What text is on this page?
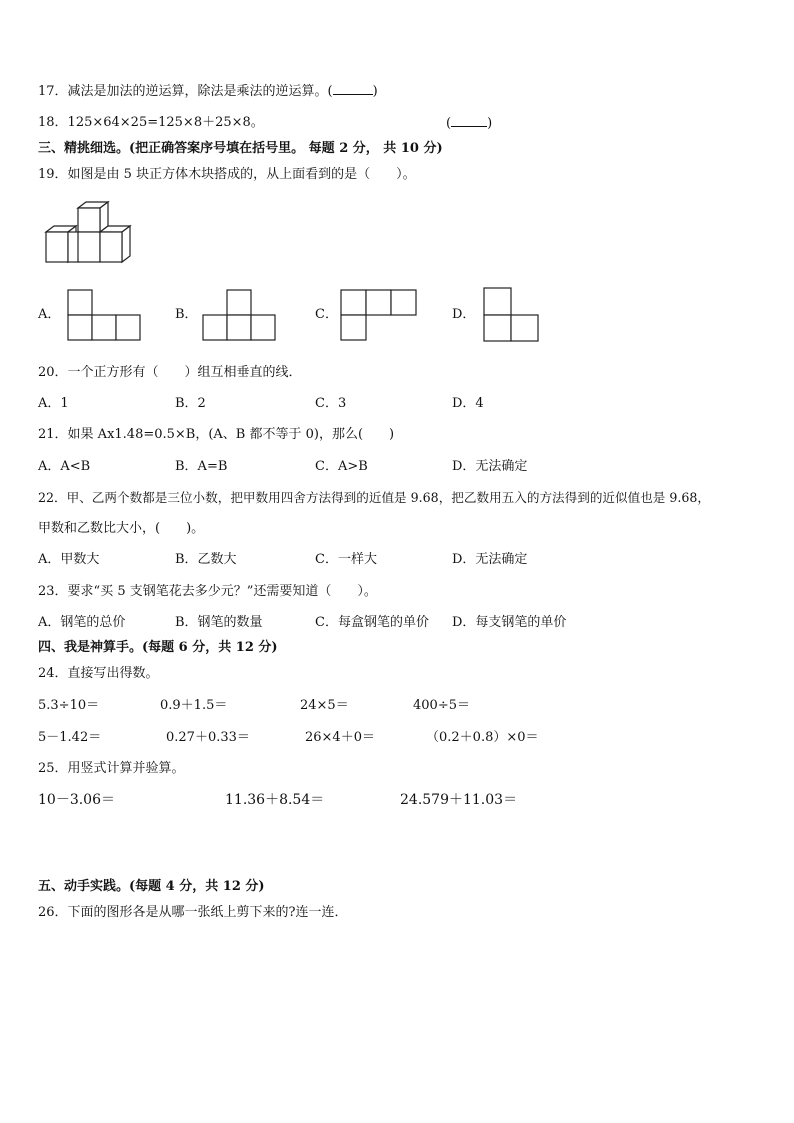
17．减法是加法的逆运算，除法是乘法的逆运算。(	)
18．125×64×25=125×8＋25×8。	(	)
三、精挑细选。(把正确答案序号填在括号里。 每题 2 分， 共 10 分)
19．如图是由 5 块正方体木块搭成的，从上面看到的是（　　）。
A．	B．	C．	D．
20．一个正方形有（　　）组互相垂直的线．
A．1	B．2	C．3	D．4
21．如果 Ax1.48=0.5×B，(A、B 都不等于 0)，那么(　　)
A．A<B	B．A=B	C．A>B	D．无法确定
22．甲、乙两个数都是三位小数，把甲数用四舍方法得到的近值是 9.68，把乙数用五入的方法得到的近似值也是 9.68，
甲数和乙数比大小，(　　)。
A．甲数大	B．乙数大	C．一样大	D．无法确定
23．要求“买 5 支钢笔花去多少元？”还需要知道（　　）。
A．钢笔的总价	B．钢笔的数量	C．每盒钢笔的单价 D．每支钢笔的单价
四、我是神算手。(每题 6 分，共 12 分)
24．直接写出得数。
5.3÷10＝	0.9＋1.5＝	24×5＝	400÷5＝
5－1.42＝	0.27＋0.33＝	26×4＋0＝	（0.2＋0.8）×0＝
25．用竖式计算并验算。
10－3.06＝	11.36＋8.54＝	24.579＋11.03＝
五、动手实践。(每题 4 分，共 12 分)
26．下面的图形各是从哪一张纸上剪下来的?连一连．
